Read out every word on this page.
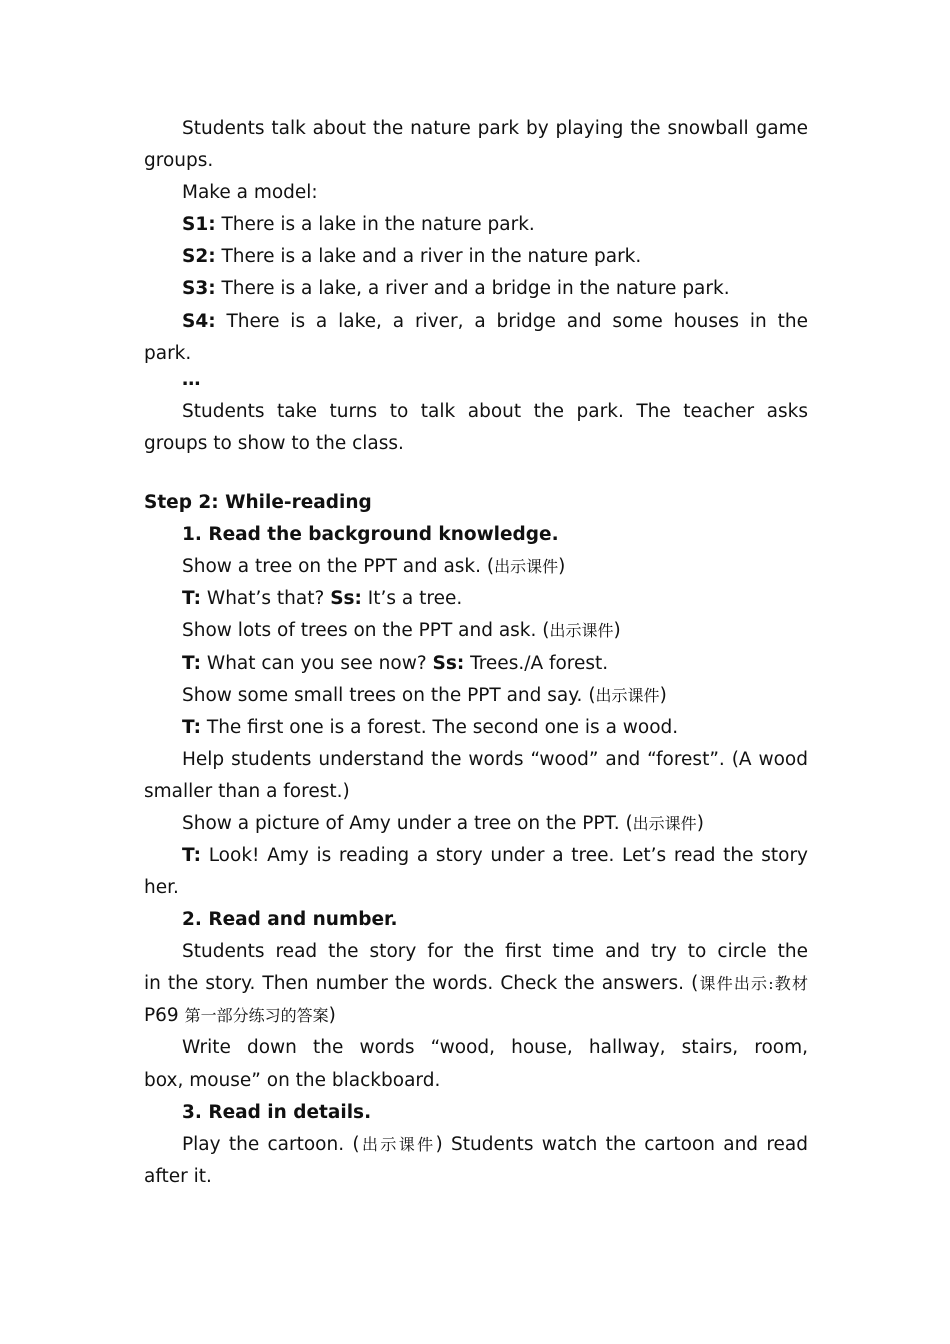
Students talk about the nature park by playing the snowball game
groups.
Make a model:
S1: There is a lake in the nature park.
S2: There is a lake and a river in the nature park.
S3: There is a lake, a river and a bridge in the nature park.
S4: There is a lake, a river, a bridge and some houses in the
park.
…
Students take turns to talk about the park. The teacher asks
groups to show to the class.
Step 2: While-reading
1. Read the background knowledge.
Show a tree on the PPT and ask. (出示课件)
T: What’s that? Ss: It’s a tree.
Show lots of trees on the PPT and ask. (出示课件)
T: What can you see now? Ss: Trees./A forest.
Show some small trees on the PPT and say. (出示课件)
T: The first one is a forest. The second one is a wood.
Help students understand the words “wood” and “forest”. (A wood
smaller than a forest.)
Show a picture of Amy under a tree on the PPT. (出示课件)
T: Look! Amy is reading a story under a tree. Let’s read the story
her.
2. Read and number.
Students read the story for the first time and try to circle the
in the story. Then number the words. Check the answers. (课件出示:教材
P69 第一部分练习的答案)
Write down the words “wood, house, hallway, stairs, room,
box, mouse” on the blackboard.
3. Read in details.
Play the cartoon. (出示课件) Students watch the cartoon and read
after it.
